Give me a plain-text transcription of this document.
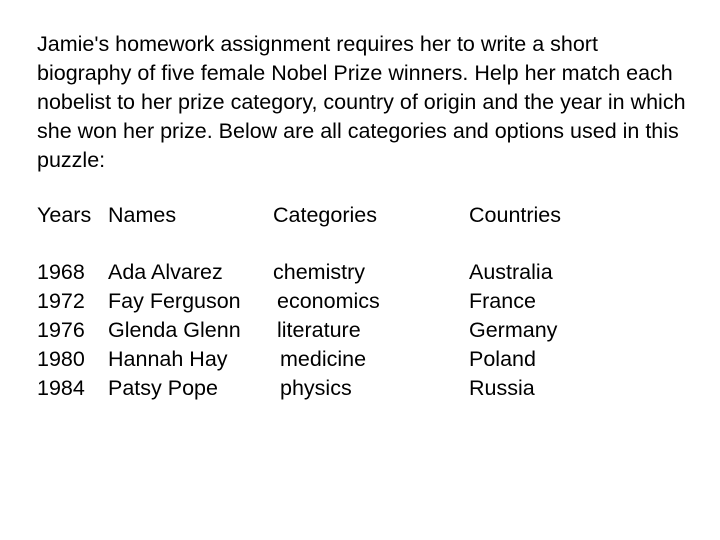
Jamie's homework assignment requires her to write a short biography of five female Nobel Prize winners. Help her match each nobelist to her prize category, country of origin and the year in which she won her prize. Below are all categories and options used in this puzzle:

Years Names	Categories	Countries
1968
1972
1976
1980
1984
Ada Alvarez
Fay Ferguson
Glenda Glenn
Hannah Hay
Patsy Pope
chemistry
economics
literature
medicine
physics
Australia
France
Germany
Poland
Russia
